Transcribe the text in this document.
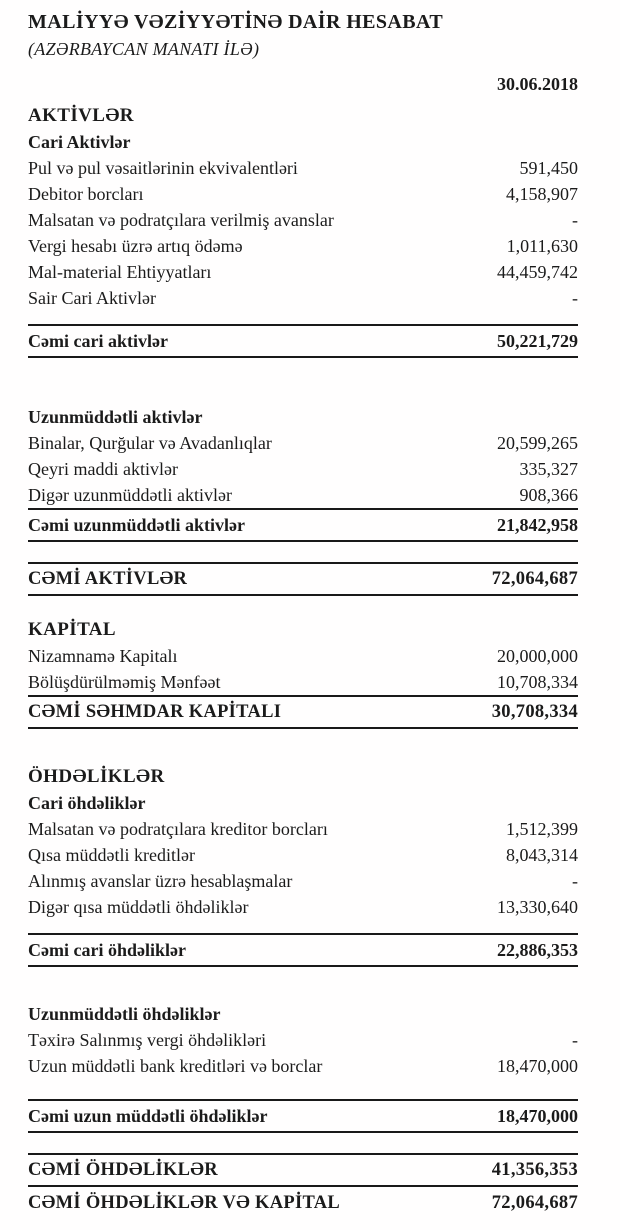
MALİYYƏ VƏZİYYƏTİNƏ DAİR HESABAT
(AZƏRBAYCAN MANATI İLƏ)
30.06.2018
AKTİVLƏR
Cari Aktivlər
Pul və pul vəsaitlərinin ekvivalentləri	591,450
Debitor borcları	4,158,907
Malsatan və podratçılara verilmiş avanslar	-
Vergi hesabı üzrə artıq ödəmə	1,011,630
Mal-material Ehtiyyatları	44,459,742
Sair Cari Aktivlər	-
Cəmi cari aktivlər	50,221,729
Uzunmüddətli aktivlər
Binalar, Qurğular və Avadanlıqlar	20,599,265
Qeyri maddi aktivlər	335,327
Digər uzunmüddətli aktivlər	908,366
Cəmi uzunmüddətli aktivlər	21,842,958
CƏMİ AKTİVLƏR	72,064,687
KAPİTAL
Nizamnamə Kapitalı	20,000,000
Bölüşdürülməmiş Mənfəət	10,708,334
CƏMİ SƏHMDAR KAPİTALI	30,708,334
ÖHDƏLİKLƏR
Cari öhdəliklər
Malsatan və podratçılara kreditor borcları	1,512,399
Qısa müddətli kreditlər	8,043,314
Alınmış avanslar üzrə hesablaşmalar	-
Digər qısa müddətli öhdəliklər	13,330,640
Cəmi cari öhdəliklər	22,886,353
Uzunmüddətli öhdəliklər
Təxirə Salınmış vergi öhdəlikləri	-
Uzun müddətli bank kreditləri və borclar	18,470,000
Cəmi uzun müddətli öhdəliklər	18,470,000
CƏMİ ÖHDƏLİKLƏR	41,356,353
CƏMİ ÖHDƏLİKLƏR VƏ KAPİTAL	72,064,687
